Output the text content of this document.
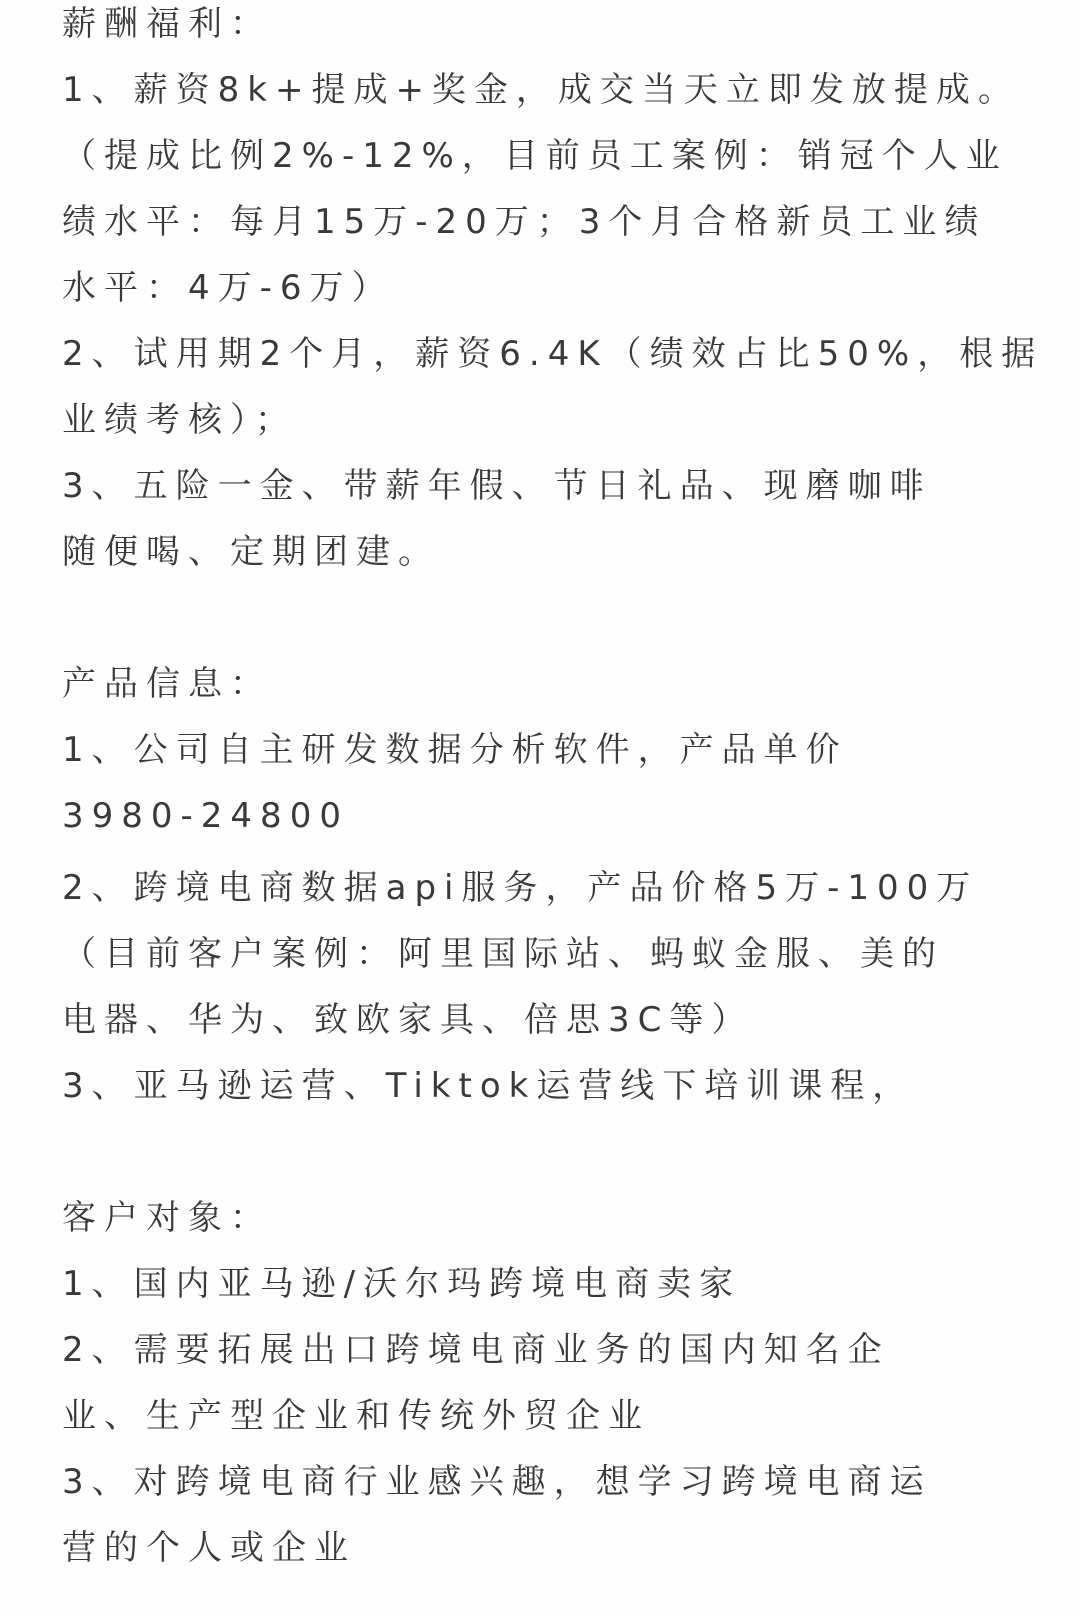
薪酬福利：
1、薪资8k+提成+奖金，成交当天立即发放提成。
（提成比例2%-12%，目前员工案例：销冠个人业
绩水平：每月15万-20万；3个月合格新员工业绩
水平：4万-6万）
2、试用期2个月，薪资6.4K（绩效占比50%，根据
业绩考核）；
3、五险一金、带薪年假、节日礼品、现磨咖啡
随便喝、定期团建。
产品信息：
1、公司自主研发数据分析软件，产品单价
3980-24800
2、跨境电商数据api服务，产品价格5万-100万
（目前客户案例：阿里国际站、蚂蚁金服、美的
电器、华为、致欧家具、倍思3C等）
3、亚马逊运营、Tiktok运营线下培训课程，
客户对象：
1、国内亚马逊/沃尔玛跨境电商卖家
2、需要拓展出口跨境电商业务的国内知名企
业、生产型企业和传统外贸企业
3、对跨境电商行业感兴趣，想学习跨境电商运
营的个人或企业
